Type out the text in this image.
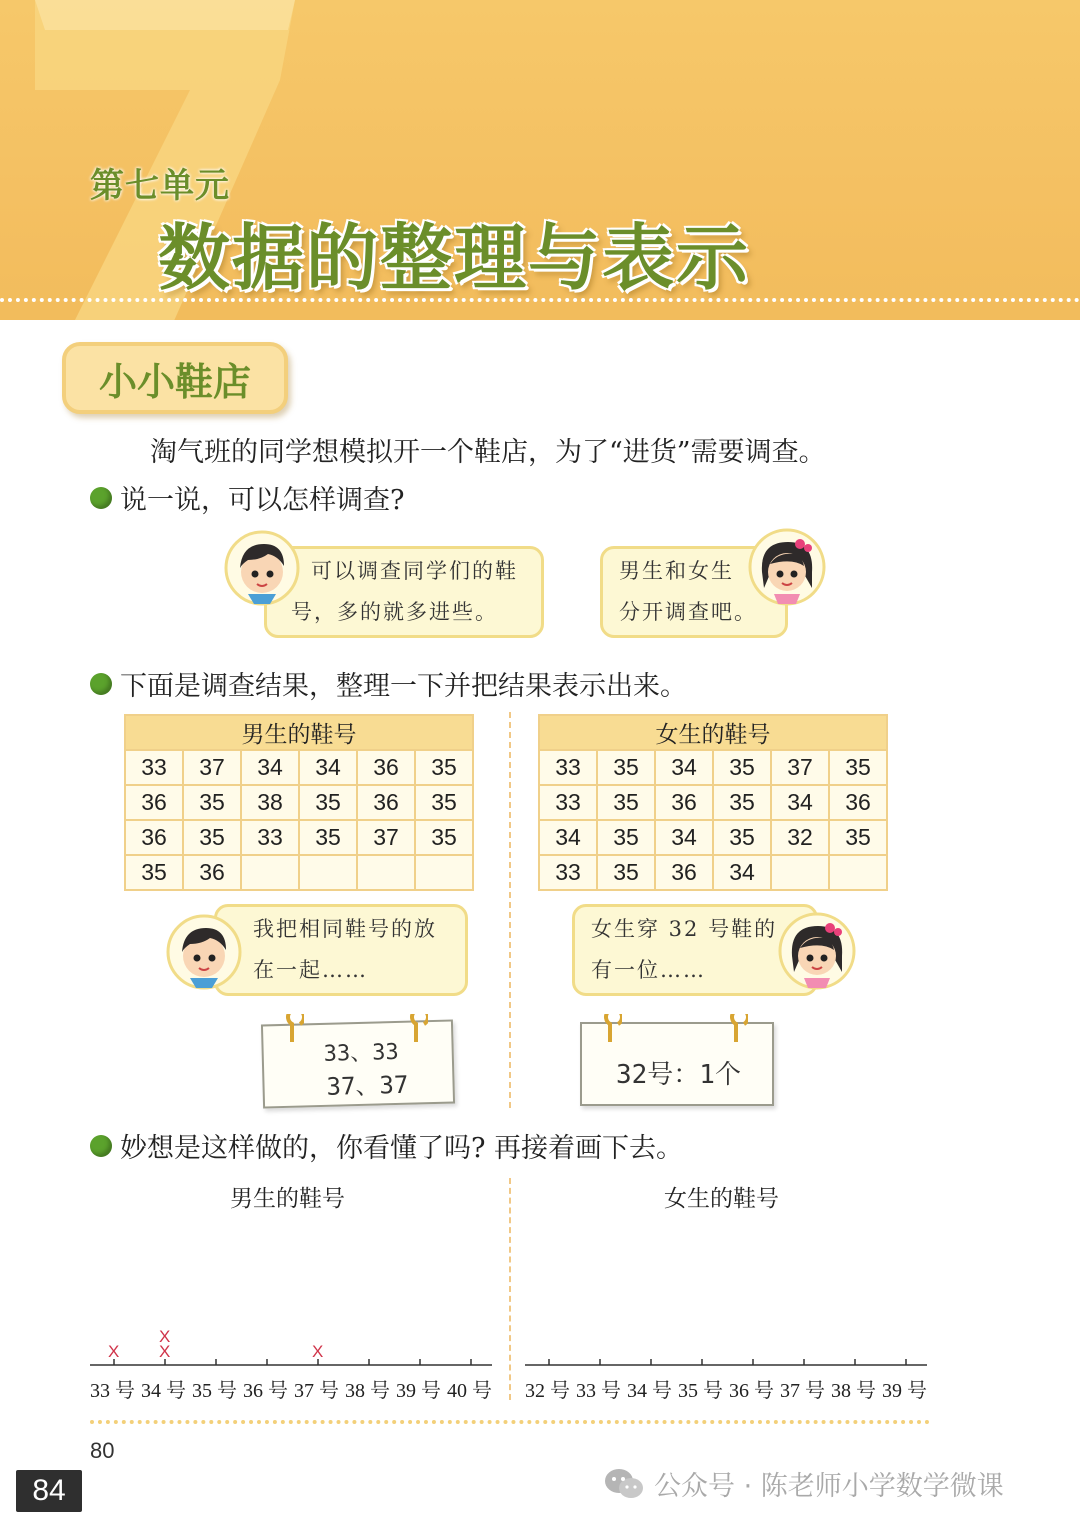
第七单元
数据的整理与表示
小小鞋店
淘气班的同学想模拟开一个鞋店，为了“进货”需要调查。
说一说，可以怎样调查?
可以调查同学们的鞋
号，多的就多进些。
男生和女生
分开调查吧。
下面是调查结果，整理一下并把结果表示出来。
男生的鞋号					
33	37	34	34	36	35
36	35	38	35	36	35
36	35	33	35	37	35
35	36				
女生的鞋号					
33	35	34	35	37	35
33	35	36	35	34	36
34	35	34	35	32	35
33	35	36	34		
我把相同鞋号的放
在一起……
女生穿 32 号鞋的
有一位……
33、33
37、37	32号：1个
妙想是这样做的，你看懂了吗? 再接着画下去。
男生的鞋号	女生的鞋号
33 号 34 号 35 号 36 号 37 号 38 号 39 号 40 号 32 号 33 号 34 号 35 号 36 号 37 号 38 号 39 号
X X
X
X
80
84	公众号 · 陈老师小学数学微课
